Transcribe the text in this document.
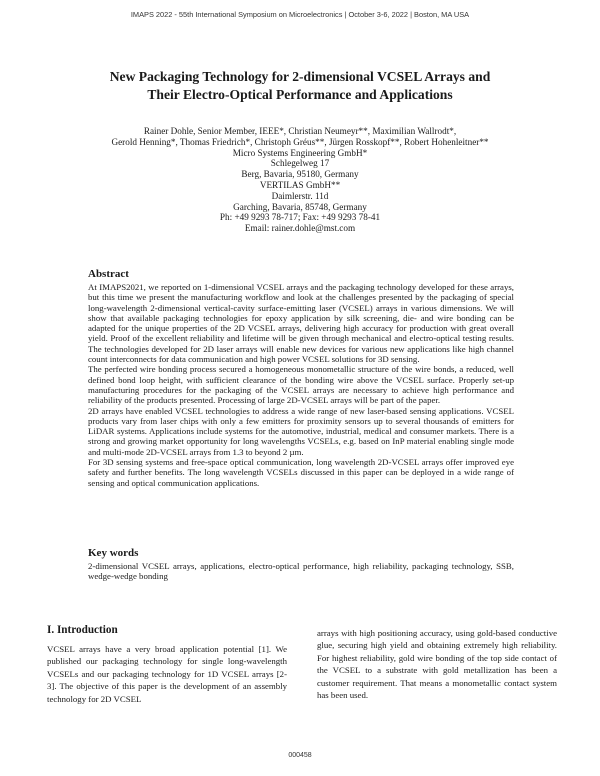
IMAPS 2022 - 55th International Symposium on Microelectronics | October 3-6, 2022 | Boston, MA USA
New Packaging Technology for 2-dimensional VCSEL Arrays and
Their Electro-Optical Performance and Applications
Rainer Dohle, Senior Member, IEEE*, Christian Neumeyr**, Maximilian Wallrodt*,
Gerold Henning*, Thomas Friedrich*, Christoph Gréus**, Jürgen Rosskopf**, Robert Hohenleitner**
Micro Systems Engineering GmbH*
Schlegelweg 17
Berg, Bavaria, 95180, Germany
VERTILAS GmbH**
Daimlerstr. 11d
Garching, Bavaria, 85748, Germany
Ph: +49 9293 78-717; Fax: +49 9293 78-41
Email: rainer.dohle@mst.com
Abstract

At IMAPS2021, we reported on 1-dimensional VCSEL arrays and the packaging technology developed for these arrays, but this time we present the manufacturing workflow and look at the challenges presented by the packaging of special long-wavelength 2-dimensional vertical-cavity surface-emitting laser (VCSEL) arrays in various dimensions. We will show that available packaging technologies for epoxy application by silk screening, die- and wire bonding can be adapted for the unique properties of the 2D VCSEL arrays, delivering high accuracy for production with great overall yield. Proof of the excellent reliability and lifetime will be given through mechanical and electro-optical testing results. The technologies developed for 2D laser arrays will enable new devices for various new applications like high channel count interconnects for data communication and high power VCSEL solutions for 3D sensing.

The perfected wire bonding process secured a homogeneous monometallic structure of the wire bonds, a reduced, well defined bond loop height, with sufficient clearance of the bonding wire above the VCSEL surface. Properly set-up manufacturing procedures for the packaging of the VCSEL arrays are necessary to achieve high performance and reliability of the products presented. Processing of large 2D-VCSEL arrays will be part of the paper.

2D arrays have enabled VCSEL technologies to address a wide range of new laser-based sensing applications. VCSEL products vary from laser chips with only a few emitters for proximity sensors up to several thousands of emitters for LiDAR systems. Applications include systems for the automotive, industrial, medical and consumer markets. There is a strong and growing market opportunity for long wavelengths VCSELs, e.g. based on InP material enabling single mode and multi-mode 2D-VCSEL arrays from 1.3 to beyond 2 µm.

For 3D sensing systems and free-space optical communication, long wavelength 2D-VCSEL arrays offer improved eye safety and further benefits. The long wavelength VCSELs discussed in this paper can be deployed in a wide range of sensing and optical communication applications.

Key words

2-dimensional VCSEL arrays, applications, electro-optical performance, high reliability, packaging technology, SSB, wedge-wedge bonding

I. Introduction

VCSEL arrays have a very broad application potential [1]. We published our packaging technology for single long-wavelength VCSELs and our packaging technology for 1D VCSEL arrays [2-3]. The objective of this paper is the development of an assembly technology for 2D VCSEL

arrays with high positioning accuracy, using gold-based conductive glue, securing high yield and obtaining extremely high reliability. For highest reliability, gold wire bonding of the top side contact of the VCSEL to a substrate with gold metallization has been a customer requirement. That means a monometallic contact system has been used.

000458
